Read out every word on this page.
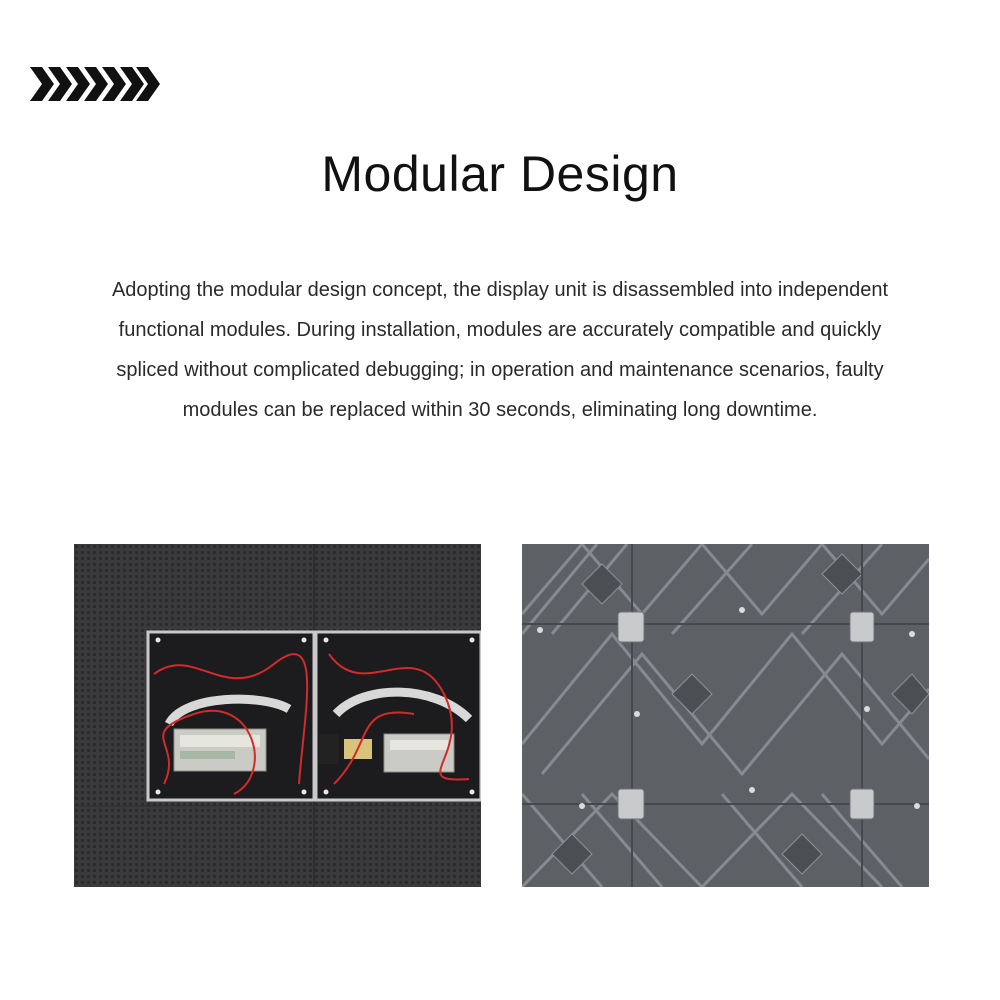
Modular Design

Adopting the modular design concept, the display unit is disassembled into independent functional modules. During installation, modules are accurately compatible and quickly spliced without complicated debugging; in operation and maintenance scenarios, faulty modules can be replaced within 30 seconds, eliminating long downtime.
